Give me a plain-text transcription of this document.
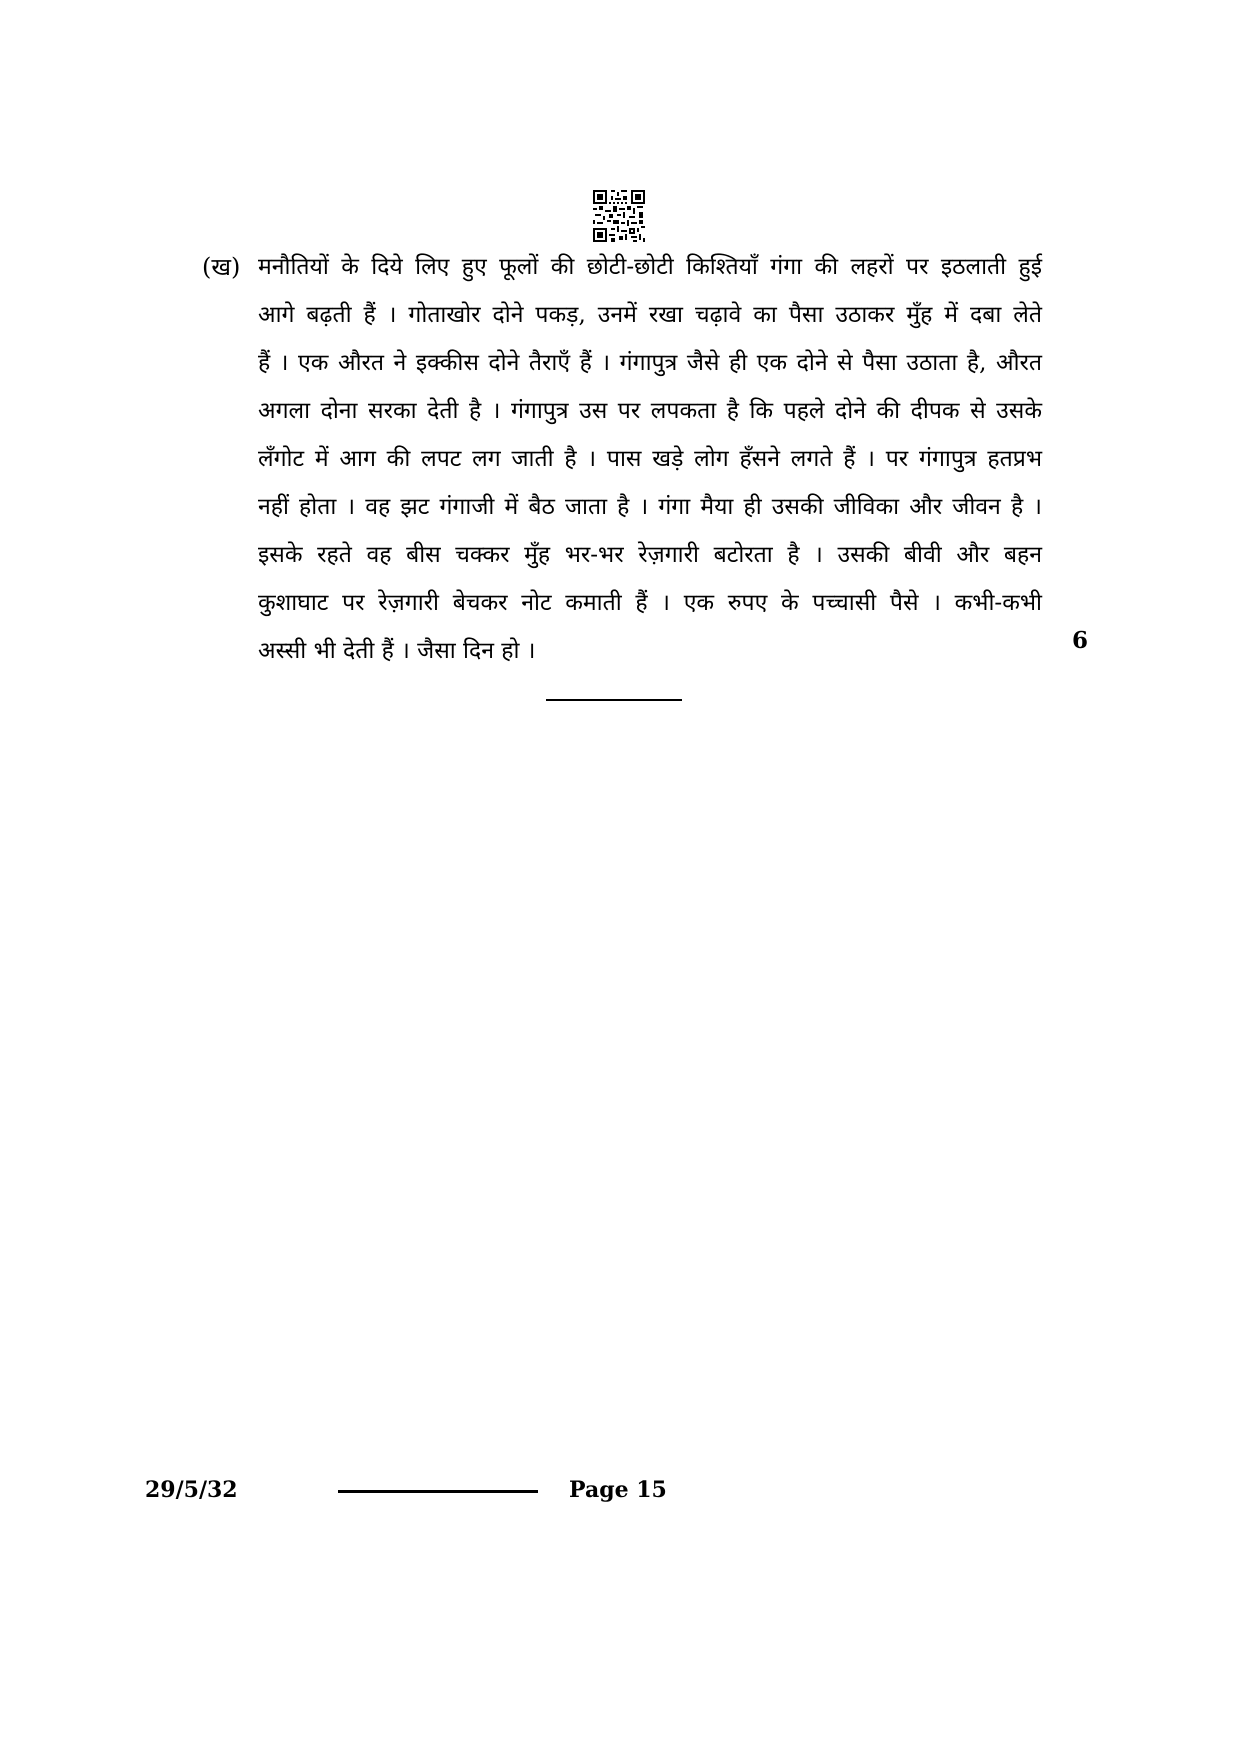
(ख) मनौतियों के दिये लिए हुए फूलों की छोटी-छोटी किश्तियाँ गंगा की लहरों पर इठलाती हुई
आगे बढ़ती हैं । गोताखोर दोने पकड़, उनमें रखा चढ़ावे का पैसा उठाकर मुँह में दबा लेते
हैं । एक औरत ने इक्कीस दोने तैराएँ हैं । गंगापुत्र जैसे ही एक दोने से पैसा उठाता है, औरत
अगला दोना सरका देती है । गंगापुत्र उस पर लपकता है कि पहले दोने की दीपक से उसके
लँगोट में आग की लपट लग जाती है । पास खड़े लोग हँसने लगते हैं । पर गंगापुत्र हतप्रभ
नहीं होता । वह झट गंगाजी में बैठ जाता है । गंगा मैया ही उसकी जीविका और जीवन है ।
इसके रहते वह बीस चक्कर मुँह भर-भर रेज़गारी बटोरता है । उसकी बीवी और बहन
कुशाघाट पर रेज़गारी बेचकर नोट कमाती हैं । एक रुपए के पच्चासी पैसे । कभी-कभी
अस्सी भी देती हैं । जैसा दिन हो ।	6
29/5/32	Page 15
